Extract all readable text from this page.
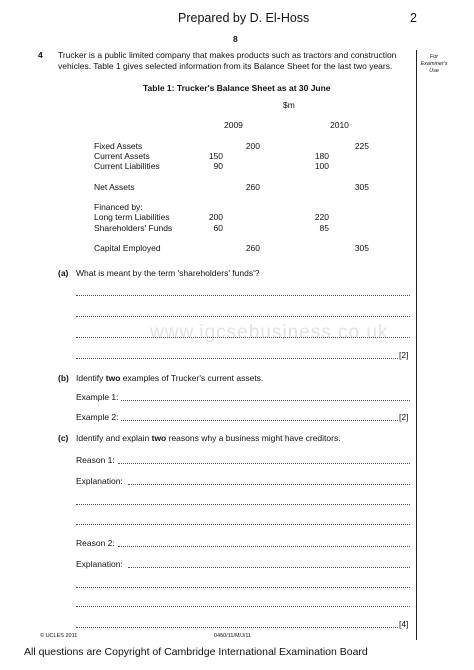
Prepared by D. El-Hoss	2
8
For Examiner's Use
www.igcsebusiness.co.uk
4 Trucker is a public limited company that makes products such as tractors and construction
vehicles. Table 1 gives selected information from its Balance Sheet for the last two years.
Table 1: Trucker's Balance Sheet as at 30 June
$m
2009	2010
Fixed Assets	200	225
Current Assets	150	180
Current Liabilities	90	100
Net Assets	260	305
Financed by:
Long term Liabilities	200	220
Shareholders' Funds	60	85
Capital Employed	260	305
(a) What is meant by the term 'shareholders' funds'?
[2]
(b) Identify two examples of Trucker's current assets.
Example 1:
Example 2:	[2]
(c) Identify and explain two reasons why a business might have creditors.
Reason 1:
Explanation:
Reason 2:
Explanation:
[4]
© UCLES 2011	0450/11/M/J/11
All questions are Copyright of Cambridge International Examination Board
